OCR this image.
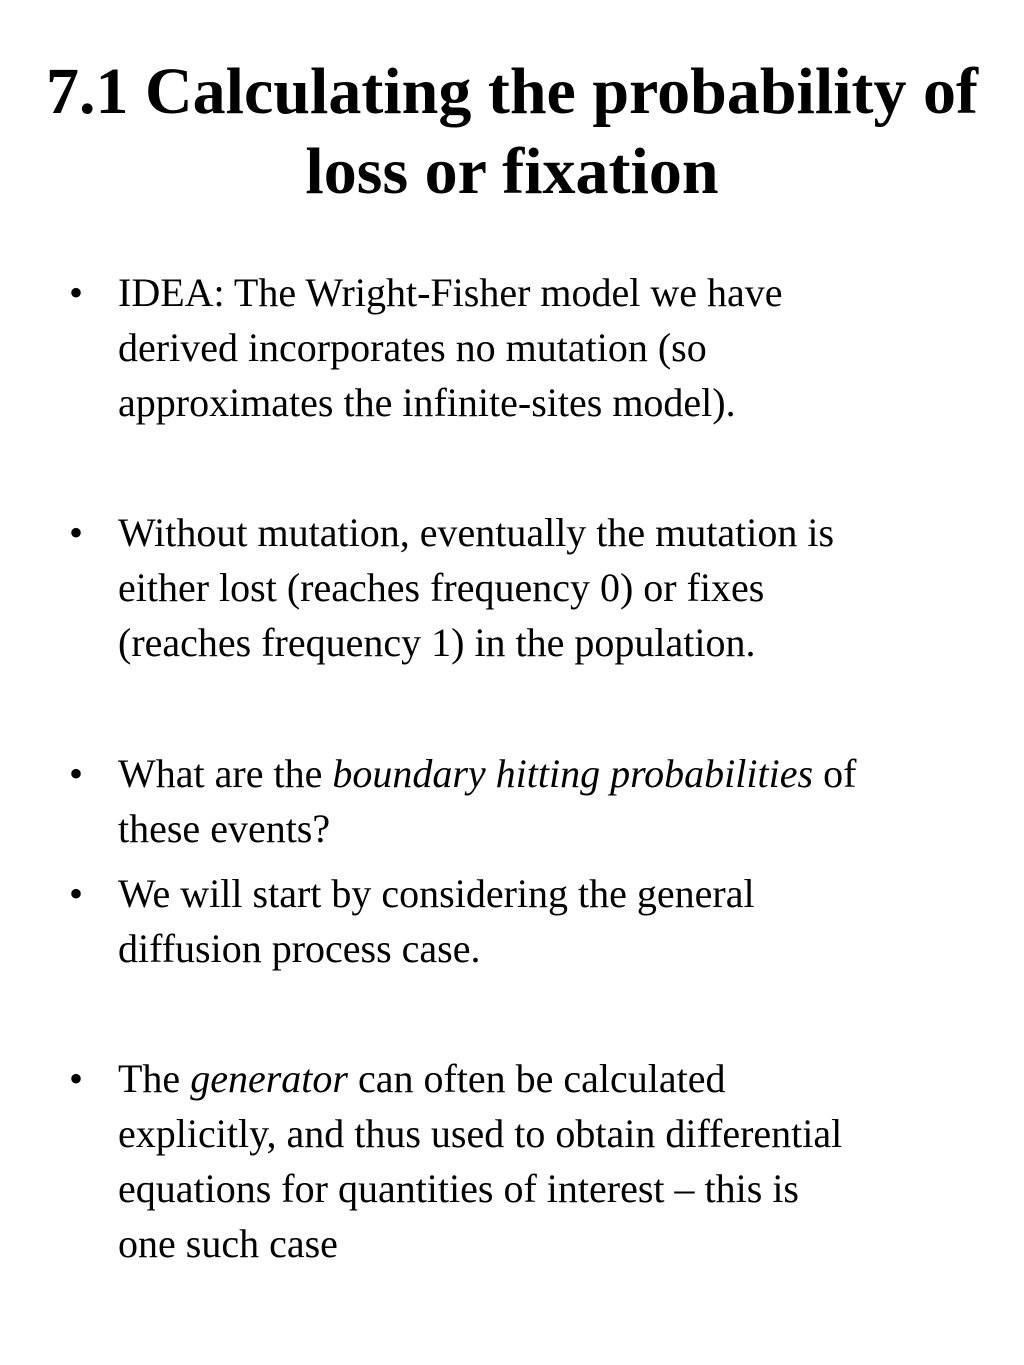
7.1 Calculating the probability of
loss or fixation
• IDEA: The Wright-Fisher model we have
derived incorporates no mutation (so
approximates the infinite-sites model).
• Without mutation, eventually the mutation is
either lost (reaches frequency 0) or fixes
(reaches frequency 1) in the population.
• What are the boundary hitting probabilities of
these events?
• We will start by considering the general
diffusion process case.
• The generator can often be calculated
explicitly, and thus used to obtain differential
equations for quantities of interest – this is
one such case
